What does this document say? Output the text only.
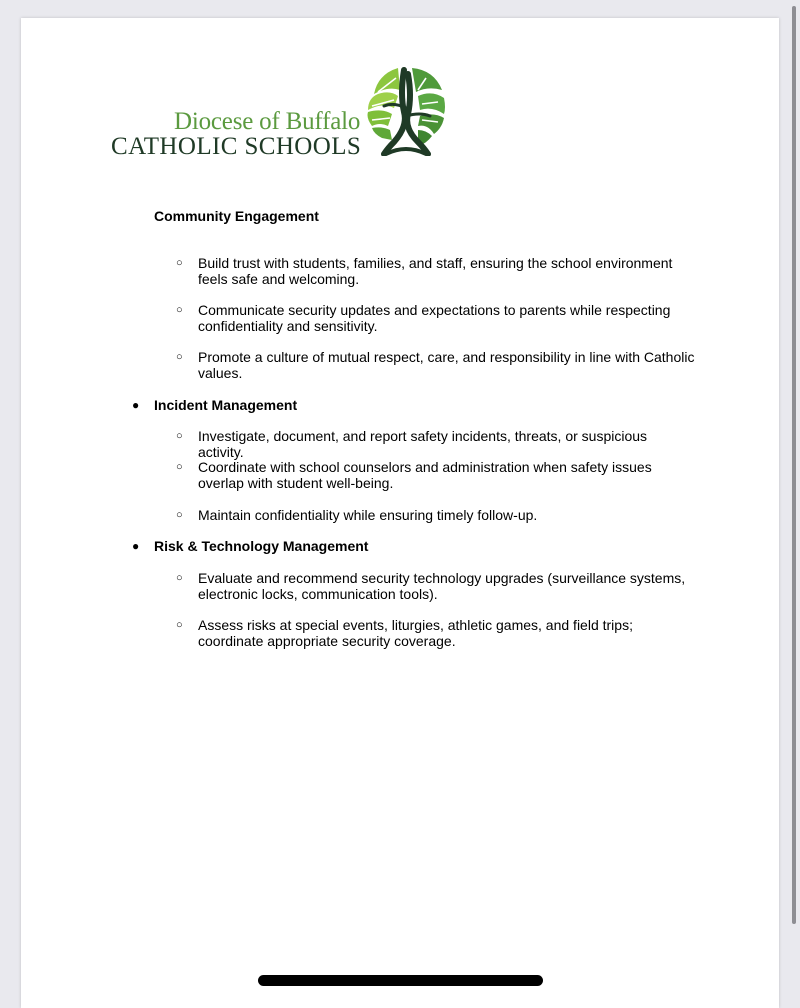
Diocese of Buffalo
CATHOLIC SCHOOLS
Community Engagement
○ Build trust with students, families, and staff, ensuring the school environment feels safe and welcoming.
○ Communicate security updates and expectations to parents while respecting confidentiality and sensitivity.
○ Promote a culture of mutual respect, care, and responsibility in line with Catholic values.
● Incident Management
○ Investigate, document, and report safety incidents, threats, or suspicious activity.
○ Coordinate with school counselors and administration when safety issues overlap with student well-being.
○ Maintain confidentiality while ensuring timely follow-up.
● Risk & Technology Management
○ Evaluate and recommend security technology upgrades (surveillance systems, electronic locks, communication tools).
○ Assess risks at special events, liturgies, athletic games, and field trips; coordinate appropriate security coverage.
